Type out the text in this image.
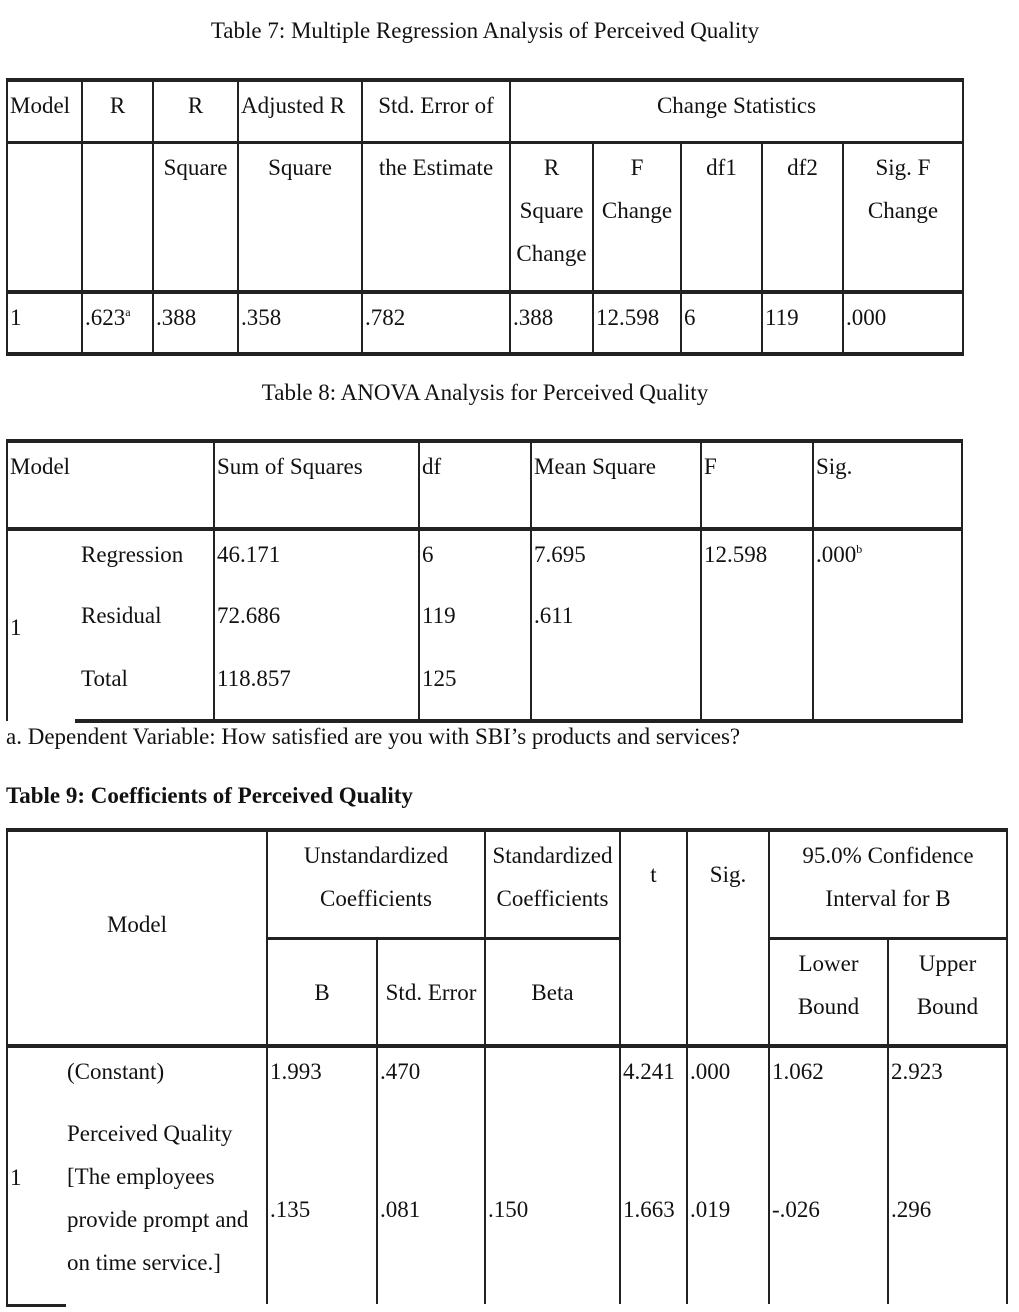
Table 7: Multiple Regression Analysis of Perceived Quality
Model	R	R	Adjusted R	Std. Error of	Change Statistics				
		Square	Square	the Estimate	R Square Change	F Change	df1	df2	Sig. F Change
1	.623$^a$	.388	.358	.782	.388	12.598	6	119	.000
Table 8: ANOVA Analysis for Perceived Quality
Model		Sum of Squares	df	Mean Square	F	Sig.
1	Regression	46.171	6	7.695	12.598	.000$^b$
	Residual	72.686	119	.611		
	Total	118.857	125			
a. Dependent Variable: How satisfied are you with SBI’s products and services?
Table 9: Coefficients of Perceived Quality
Model		Unstandardized Coefficients		Standardized Coefficients	t	Sig.	95.0% Confidence Interval for B	
		B	Std. Error	Beta			Lower Bound	Upper Bound
1	(Constant)	1.993	.470		4.241	.000	1.062	2.923
	Perceived Quality [The employees provide prompt and on time service.]	.135	.081	.150	1.663	.019	-.026	.296
